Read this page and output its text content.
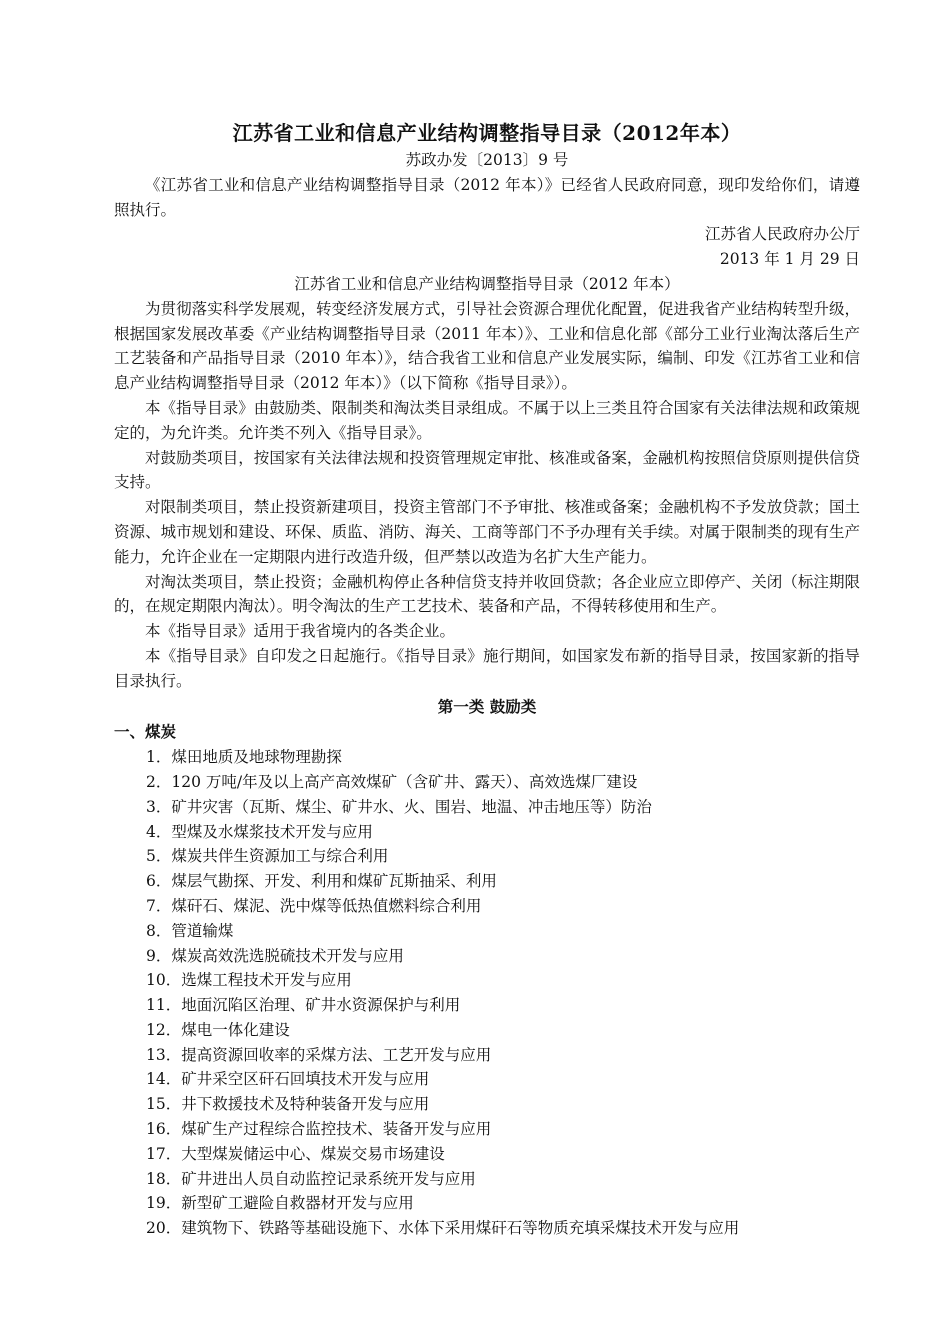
江苏省工业和信息产业结构调整指导目录（2012年本）
苏政办发〔2013〕9 号

《江苏省工业和信息产业结构调整指导目录（2012 年本）》已经省人民政府同意，现印发给你们，请遵照执行。

江苏省人民政府办公厅
2013 年 1 月 29 日
江苏省工业和信息产业结构调整指导目录（2012 年本）

为贯彻落实科学发展观，转变经济发展方式，引导社会资源合理优化配置，促进我省产业结构转型升级，根据国家发展改革委《产业结构调整指导目录（2011 年本）》、工业和信息化部《部分工业行业淘汰落后生产工艺装备和产品指导目录（2010 年本）》，结合我省工业和信息产业发展实际，编制、印发《江苏省工业和信息产业结构调整指导目录（2012 年本）》（以下简称《指导目录》）。

本《指导目录》由鼓励类、限制类和淘汰类目录组成。不属于以上三类且符合国家有关法律法规和政策规定的，为允许类。允许类不列入《指导目录》。

对鼓励类项目，按国家有关法律法规和投资管理规定审批、核准或备案，金融机构按照信贷原则提供信贷支持。

对限制类项目，禁止投资新建项目，投资主管部门不予审批、核准或备案；金融机构不予发放贷款；国土资源、城市规划和建设、环保、质监、消防、海关、工商等部门不予办理有关手续。对属于限制类的现有生产能力，允许企业在一定期限内进行改造升级，但严禁以改造为名扩大生产能力。

对淘汰类项目，禁止投资；金融机构停止各种信贷支持并收回贷款；各企业应立即停产、关闭（标注期限的，在规定期限内淘汰）。明令淘汰的生产工艺技术、装备和产品，不得转移使用和生产。

本《指导目录》适用于我省境内的各类企业。

本《指导目录》自印发之日起施行。《指导目录》施行期间，如国家发布新的指导目录，按国家新的指导目录执行。

第一类 鼓励类
一、煤炭
1．煤田地质及地球物理勘探
2．120 万吨/年及以上高产高效煤矿（含矿井、露天）、高效选煤厂建设
3．矿井灾害（瓦斯、煤尘、矿井水、火、围岩、地温、冲击地压等）防治
4．型煤及水煤浆技术开发与应用
5．煤炭共伴生资源加工与综合利用
6．煤层气勘探、开发、利用和煤矿瓦斯抽采、利用
7．煤矸石、煤泥、洗中煤等低热值燃料综合利用
8．管道输煤
9．煤炭高效洗选脱硫技术开发与应用
10．选煤工程技术开发与应用
11．地面沉陷区治理、矿井水资源保护与利用
12．煤电一体化建设
13．提高资源回收率的采煤方法、工艺开发与应用
14．矿井采空区矸石回填技术开发与应用
15．井下救援技术及特种装备开发与应用
16．煤矿生产过程综合监控技术、装备开发与应用
17．大型煤炭储运中心、煤炭交易市场建设
18．矿井进出人员自动监控记录系统开发与应用
19．新型矿工避险自救器材开发与应用
20．建筑物下、铁路等基础设施下、水体下采用煤矸石等物质充填采煤技术开发与应用
